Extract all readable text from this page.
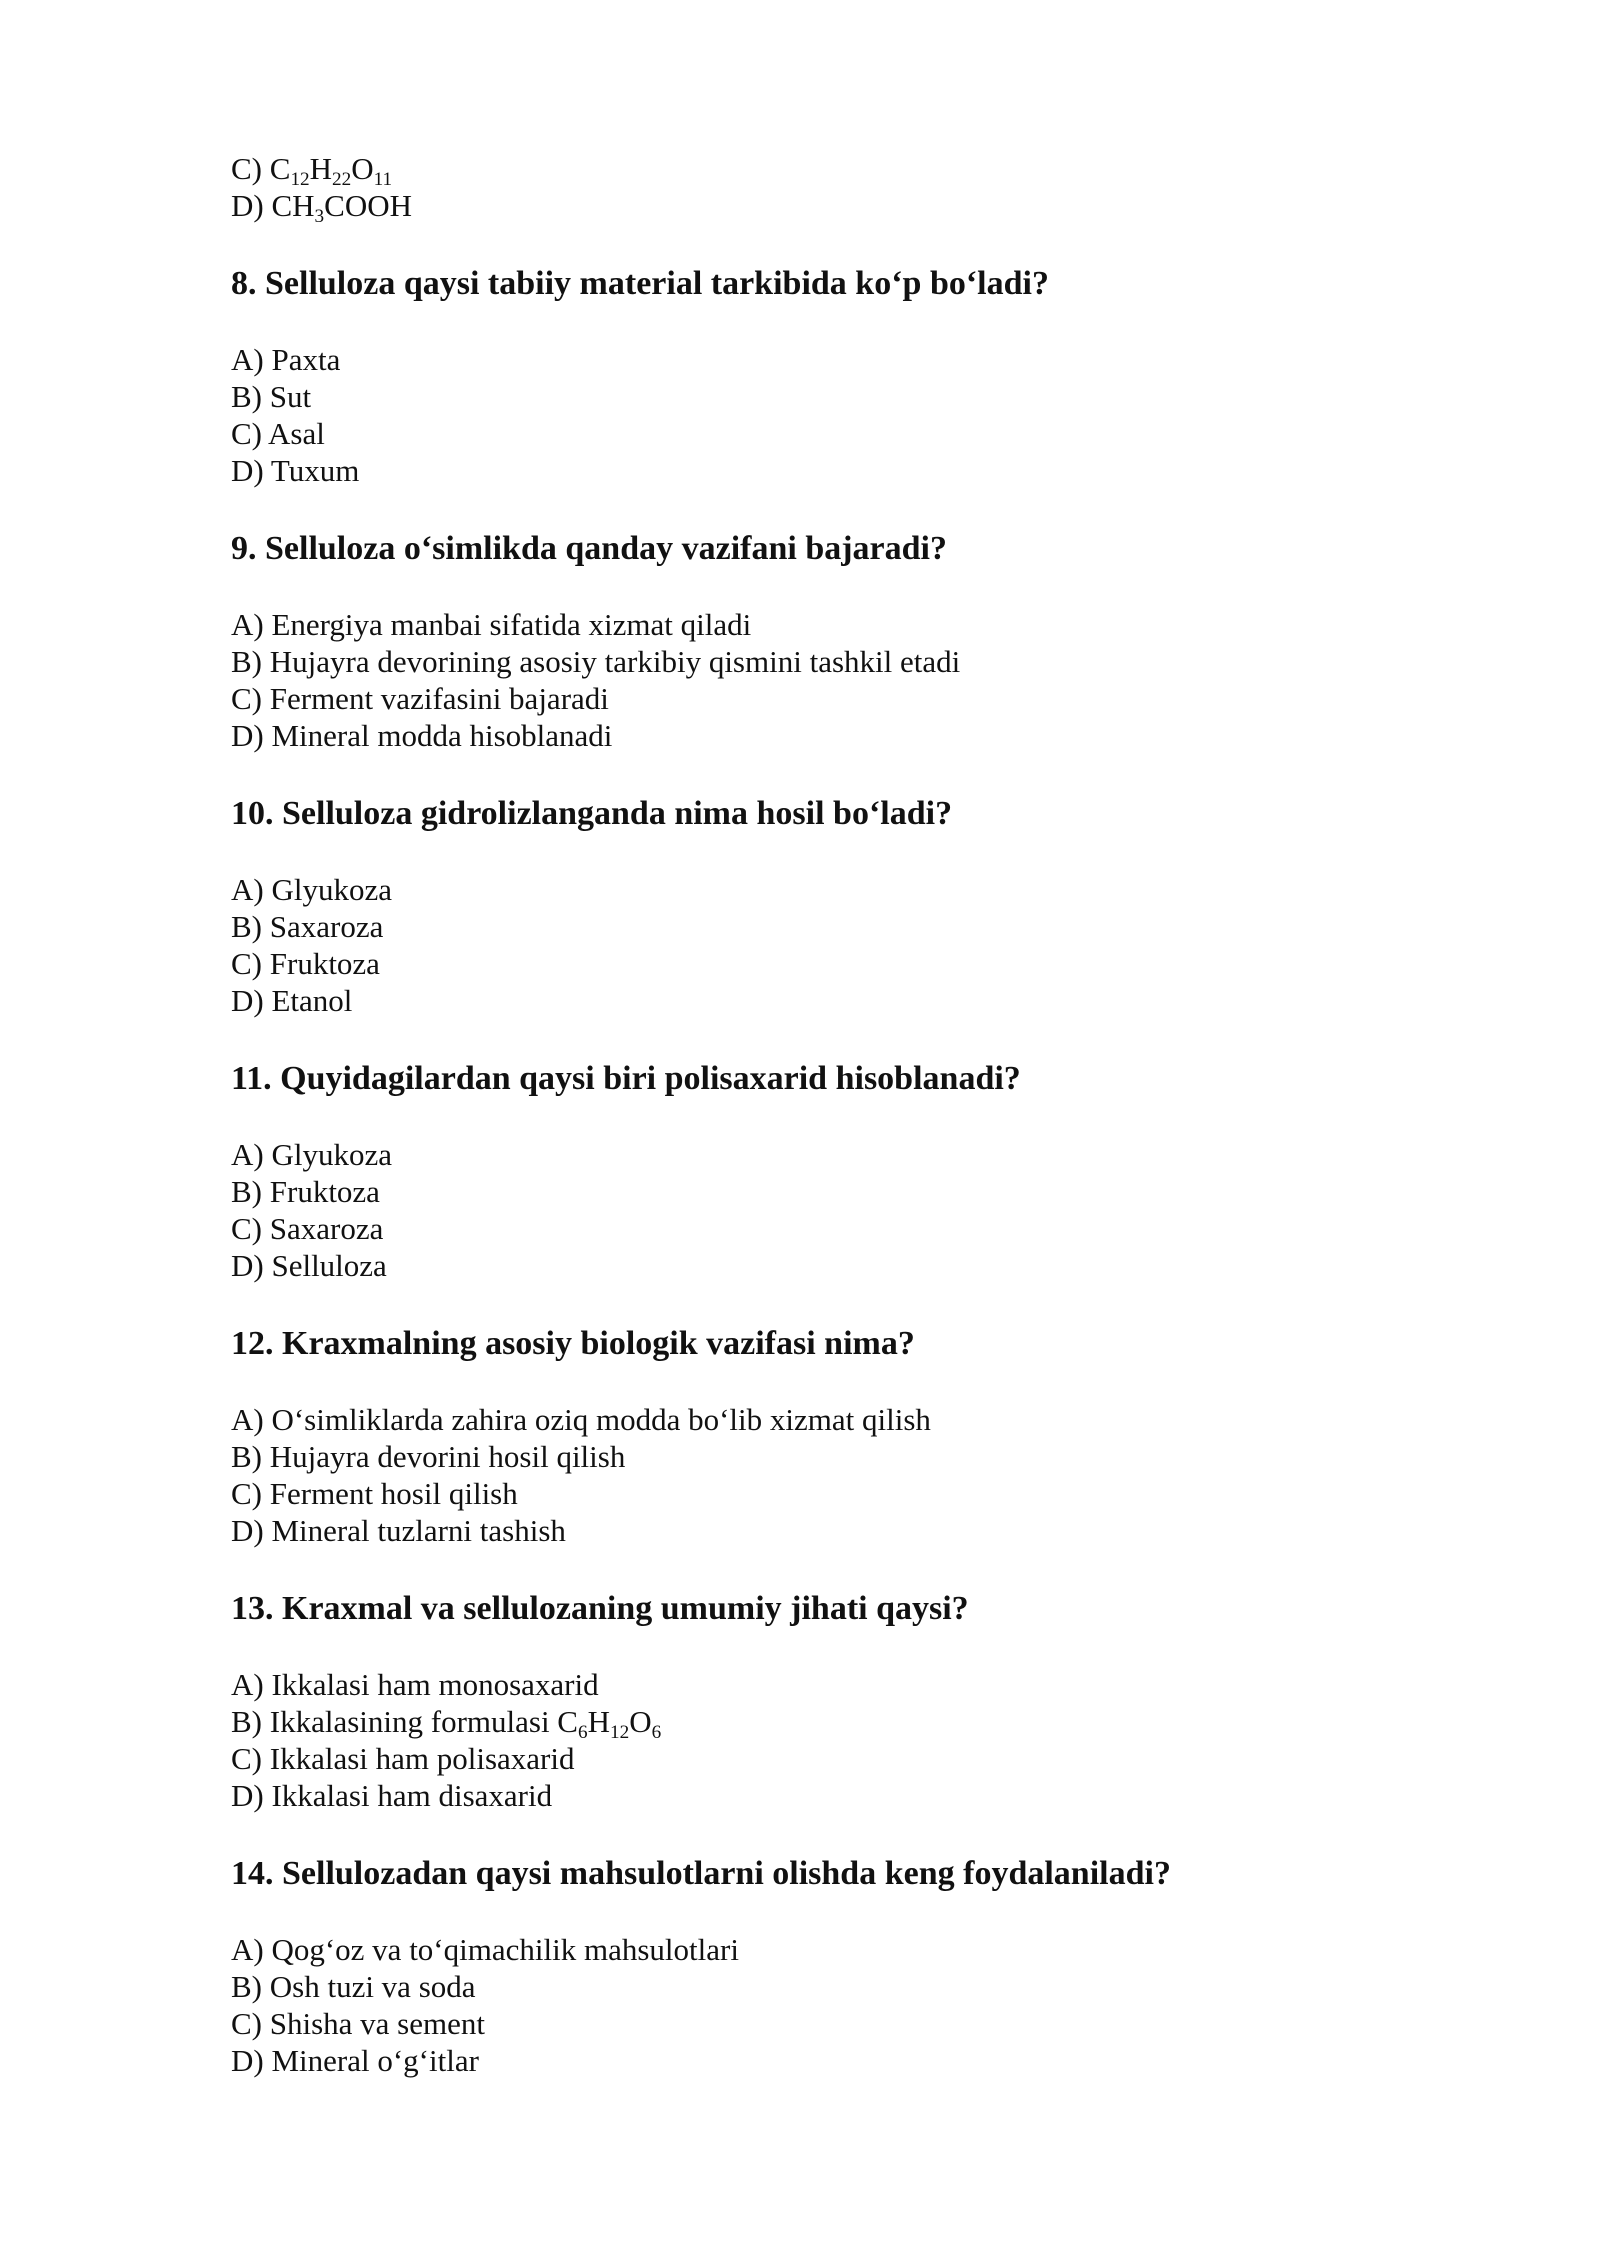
C) $C_{12}H_{22}O_{11}$
D) $CH_3COOH$

8. Selluloza qaysi tabiiy material tarkibida ko‘p bo‘ladi?

A) Paxta
B) Sut
C) Asal
D) Tuxum

9. Selluloza o‘simlikda qanday vazifani bajaradi?

A) Energiya manbai sifatida xizmat qiladi
B) Hujayra devorining asosiy tarkibiy qismini tashkil etadi
C) Ferment vazifasini bajaradi
D) Mineral modda hisoblanadi

10. Selluloza gidrolizlanganda nima hosil bo‘ladi?

A) Glyukoza
B) Saxaroza
C) Fruktoza
D) Etanol

11. Quyidagilardan qaysi biri polisaxarid hisoblanadi?

A) Glyukoza
B) Fruktoza
C) Saxaroza
D) Selluloza

12. Kraxmalning asosiy biologik vazifasi nima?

A) O‘simliklarda zahira oziq modda bo‘lib xizmat qilish
B) Hujayra devorini hosil qilish
C) Ferment hosil qilish
D) Mineral tuzlarni tashish

13. Kraxmal va sellulozaning umumiy jihati qaysi?

A) Ikkalasi ham monosaxarid
B) Ikkalasining formulasi $C_6H_{12}O_6$
C) Ikkalasi ham polisaxarid
D) Ikkalasi ham disaxarid

14. Sellulozadan qaysi mahsulotlarni olishda keng foydalaniladi?

A) Qog‘oz va to‘qimachilik mahsulotlari
B) Osh tuzi va soda
C) Shisha va sement
D) Mineral o‘g‘itlar
